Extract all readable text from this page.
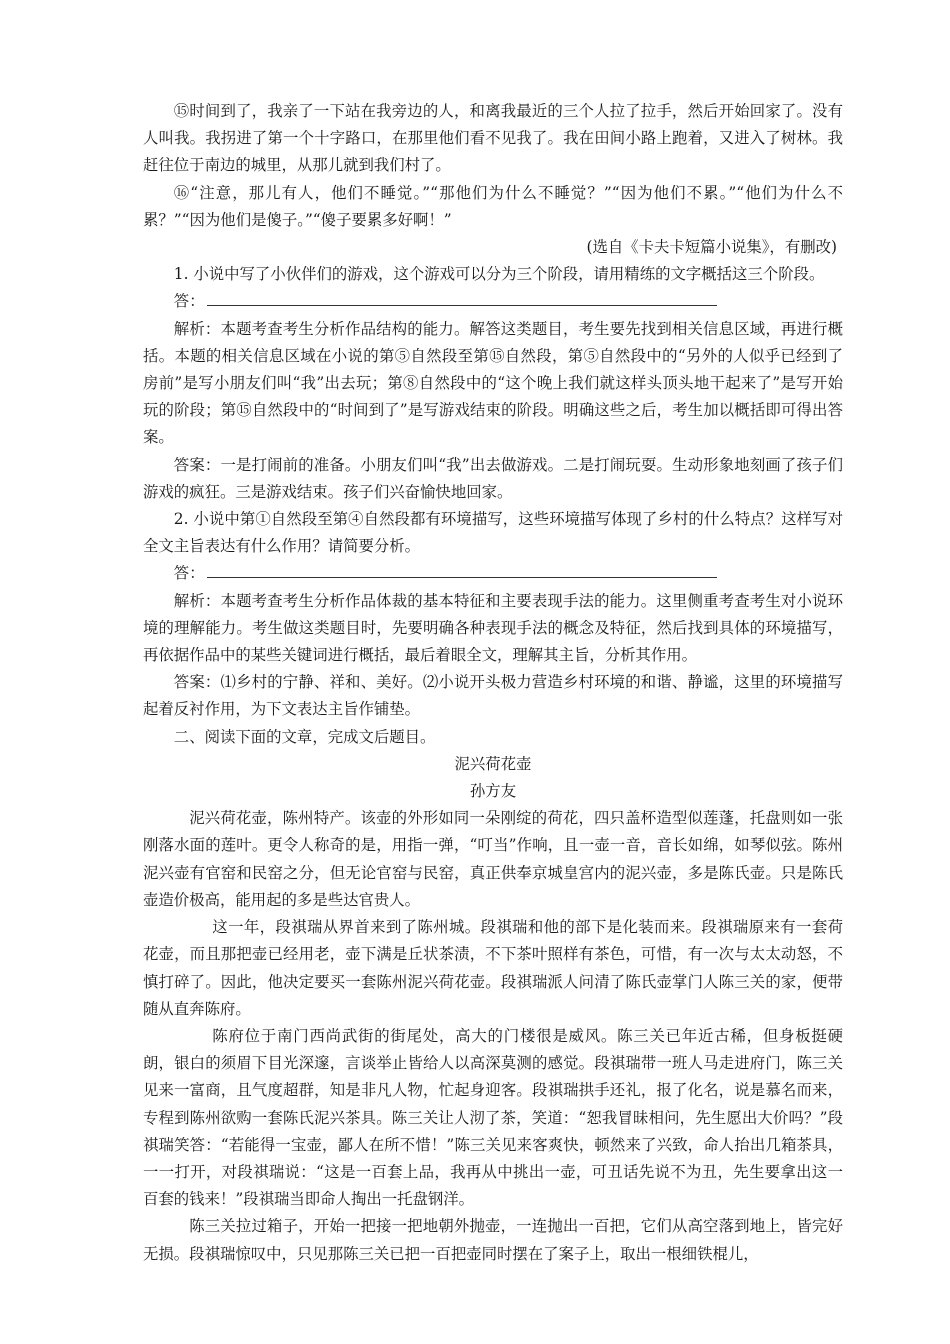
⑮时间到了，我亲了一下站在我旁边的人，和离我最近的三个人拉了拉手，然后开始回家了。没有人叫我。我拐进了第一个十字路口，在那里他们看不见我了。我在田间小路上跑着，又进入了树林。我赶往位于南边的城里，从那儿就到我们村了。

⑯“注意，那儿有人，他们不睡觉。”“那他们为什么不睡觉？”“因为他们不累。”“他们为什么不累？”“因为他们是傻子。”“傻子要累多好啊！”

(选自《卡夫卡短篇小说集》，有删改)

1. 小说中写了小伙伴们的游戏，这个游戏可以分为三个阶段，请用精练的文字概括这三个阶段。

答：

解析：本题考查考生分析作品结构的能力。解答这类题目，考生要先找到相关信息区域，再进行概括。本题的相关信息区域在小说的第⑤自然段至第⑮自然段，第⑤自然段中的“另外的人似乎已经到了房前”是写小朋友们叫“我”出去玩；第⑧自然段中的“这个晚上我们就这样头顶头地干起来了”是写开始玩的阶段；第⑮自然段中的“时间到了”是写游戏结束的阶段。明确这些之后，考生加以概括即可得出答案。

答案：一是打闹前的准备。小朋友们叫“我”出去做游戏。二是打闹玩耍。生动形象地刻画了孩子们游戏的疯狂。三是游戏结束。孩子们兴奋愉快地回家。

2. 小说中第①自然段至第④自然段都有环境描写，这些环境描写体现了乡村的什么特点？这样写对全文主旨表达有什么作用？请简要分析。

答：

解析：本题考查考生分析作品体裁的基本特征和主要表现手法的能力。这里侧重考查考生对小说环境的理解能力。考生做这类题目时，先要明确各种表现手法的概念及特征，然后找到具体的环境描写，再依据作品中的某些关键词进行概括，最后着眼全文，理解其主旨，分析其作用。

答案：⑴乡村的宁静、祥和、美好。⑵小说开头极力营造乡村环境的和谐、静谧，这里的环境描写起着反衬作用，为下文表达主旨作铺垫。

二、阅读下面的文章，完成文后题目。

泥兴荷花壶

孙方友

泥兴荷花壶，陈州特产。该壶的外形如同一朵刚绽的荷花，四只盖杯造型似莲蓬，托盘则如一张刚落水面的莲叶。更令人称奇的是，用指一弹，“叮当”作响，且一壶一音，音长如绵，如琴似弦。陈州泥兴壶有官窑和民窑之分，但无论官窑与民窑，真正供奉京城皇宫内的泥兴壶，多是陈氏壶。只是陈氏壶造价极高，能用起的多是些达官贵人。

这一年，段祺瑞从界首来到了陈州城。段祺瑞和他的部下是化装而来。段祺瑞原来有一套荷花壶，而且那把壶已经用老，壶下满是丘状茶渍，不下茶叶照样有茶色，可惜，有一次与太太动怒，不慎打碎了。因此，他决定要买一套陈州泥兴荷花壶。段祺瑞派人问清了陈氏壶掌门人陈三关的家，便带随从直奔陈府。

陈府位于南门西尚武街的街尾处，高大的门楼很是威风。陈三关已年近古稀，但身板挺硬朗，银白的须眉下目光深邃，言谈举止皆给人以高深莫测的感觉。段祺瑞带一班人马走进府门，陈三关见来一富商，且气度超群，知是非凡人物，忙起身迎客。段祺瑞拱手还礼，报了化名，说是慕名而来，专程到陈州欲购一套陈氏泥兴茶具。陈三关让人沏了茶，笑道：“恕我冒昧相问，先生愿出大价吗？”段祺瑞笑答：“若能得一宝壶，鄙人在所不惜！”陈三关见来客爽快，顿然来了兴致，命人抬出几箱茶具，一一打开，对段祺瑞说：“这是一百套上品，我再从中挑出一壶，可丑话先说不为丑，先生要拿出这一百套的钱来！”段祺瑞当即命人掏出一托盘钢洋。

陈三关拉过箱子，开始一把接一把地朝外抛壶，一连抛出一百把，它们从高空落到地上，皆完好无损。段祺瑞惊叹中，只见那陈三关已把一百把壶同时摆在了案子上，取出一根细铁棍儿，
